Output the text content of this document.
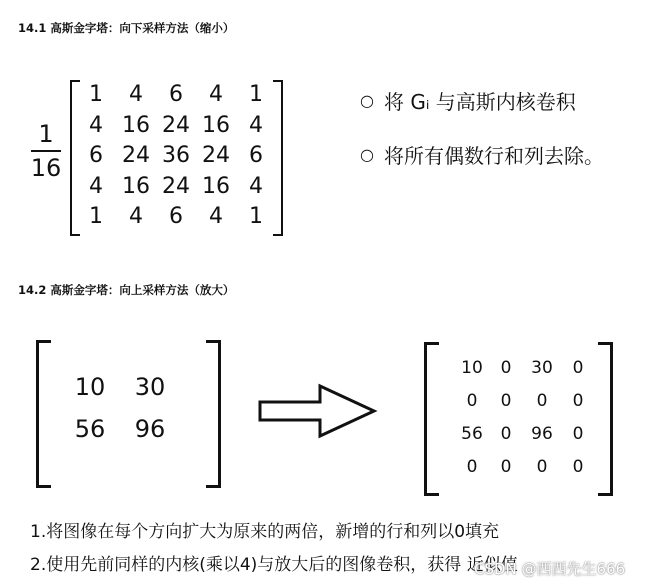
14.1 高斯金字塔：向下采样方法（缩小）
1
16
1	4	6	4	1
4 16 24 16 4
6 24 36 24 6
4 16 24 16 4
1	4	6	4	1
○ 将 Gᵢ 与高斯内核卷积
○ 将所有偶数行和列去除。
14.2 高斯金字塔：向上采样方法（放大）
10	30
56	96
10	0	30	0
0	0	0	0
56	0	96	0
0	0	0	0
1.将图像在每个方向扩大为原来的两倍，新增的行和列以0填充
2.使用先前同样的内核(乘以4)与放大后的图像卷积，获得 近似值
CSDN @西西先生666
